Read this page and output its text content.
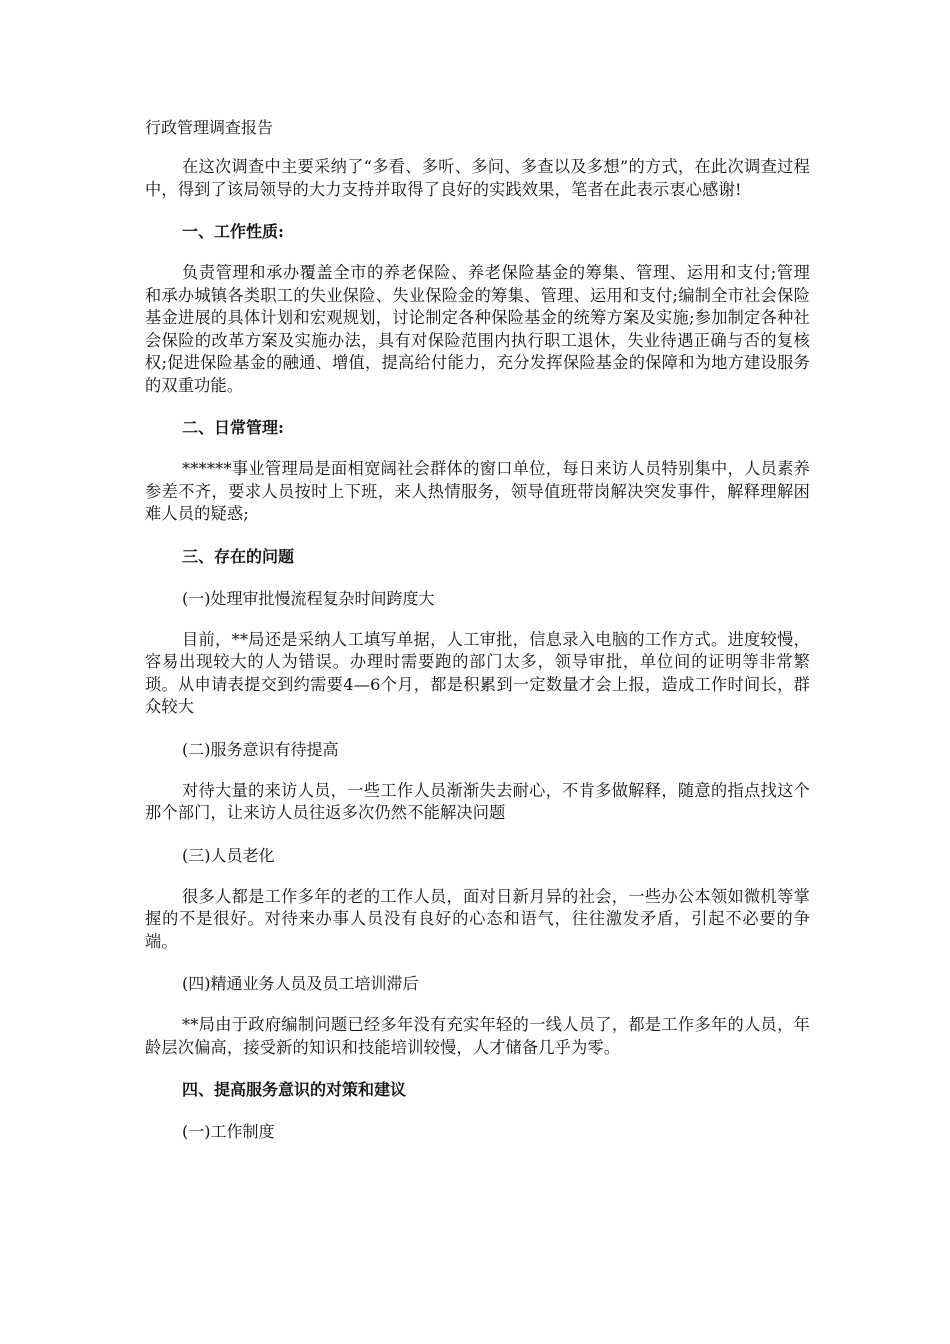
行政管理调查报告

在这次调查中主要采纳了“多看、多听、多问、多查以及多想”的方式，在此次调查过程中，得到了该局领导的大力支持并取得了良好的实践效果，笔者在此表示衷心感谢!

一、工作性质:

负责管理和承办覆盖全市的养老保险、养老保险基金的筹集、管理、运用和支付;管理和承办城镇各类职工的失业保险、失业保险金的筹集、管理、运用和支付;编制全市社会保险基金进展的具体计划和宏观规划，讨论制定各种保险基金的统筹方案及实施;参加制定各种社会保险的改革方案及实施办法，具有对保险范围内执行职工退休，失业待遇正确与否的复核权;促进保险基金的融通、增值，提高给付能力，充分发挥保险基金的保障和为地方建设服务的双重功能。

二、日常管理:

******事业管理局是面相宽阔社会群体的窗口单位，每日来访人员特别集中，人员素养参差不齐，要求人员按时上下班，来人热情服务，领导值班带岗解决突发事件，解释理解困难人员的疑惑;

三、存在的问题
(一)处理审批慢流程复杂时间跨度大

目前，**局还是采纳人工填写单据，人工审批，信息录入电脑的工作方式。进度较慢，容易出现较大的人为错误。办理时需要跑的部门太多，领导审批，单位间的证明等非常繁琐。从申请表提交到约需要4—6个月，都是积累到一定数量才会上报，造成工作时间长，群众较大

(二)服务意识有待提高

对待大量的来访人员，一些工作人员渐渐失去耐心，不肯多做解释，随意的指点找这个那个部门，让来访人员往返多次仍然不能解决问题

(三)人员老化

很多人都是工作多年的老的工作人员，面对日新月异的社会，一些办公本领如微机等掌握的不是很好。对待来办事人员没有良好的心态和语气，往往激发矛盾，引起不必要的争端。

(四)精通业务人员及员工培训滞后

**局由于政府编制问题已经多年没有充实年轻的一线人员了，都是工作多年的人员，年龄层次偏高，接受新的知识和技能培训较慢，人才储备几乎为零。

四、提高服务意识的对策和建议
(一)工作制度
